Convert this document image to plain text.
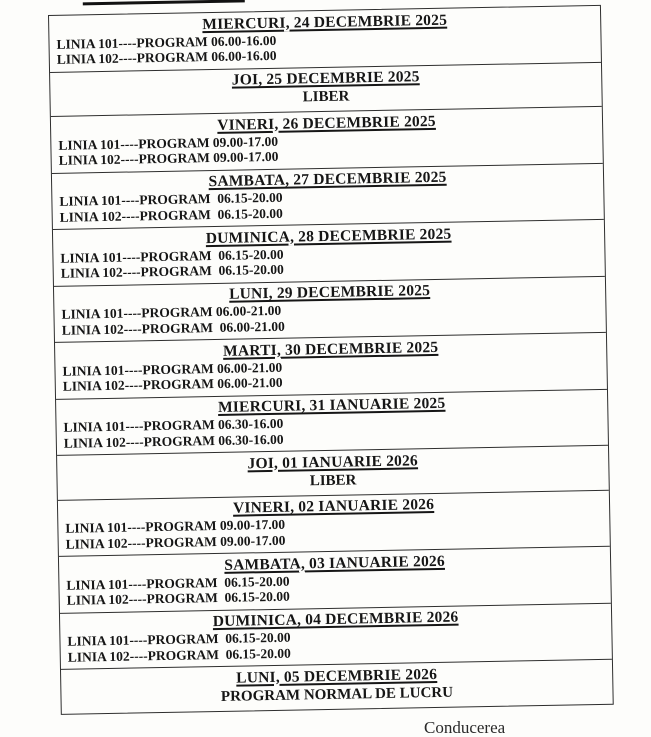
MIERCURI, 24 DECEMBRIE 2025
LINIA 101----PROGRAM 06.00-16.00
LINIA 102----PROGRAM 06.00-16.00
JOI, 25 DECEMBRIE 2025
LIBER
VINERI, 26 DECEMBRIE 2025
LINIA 101----PROGRAM 09.00-17.00
LINIA 102----PROGRAM 09.00-17.00
SAMBATA, 27 DECEMBRIE 2025
LINIA 101----PROGRAM  06.15-20.00
LINIA 102----PROGRAM  06.15-20.00
DUMINICA, 28 DECEMBRIE 2025
LINIA 101----PROGRAM  06.15-20.00
LINIA 102----PROGRAM  06.15-20.00
LUNI, 29 DECEMBRIE 2025
LINIA 101----PROGRAM 06.00-21.00
LINIA 102----PROGRAM  06.00-21.00
MARTI, 30 DECEMBRIE 2025
LINIA 101----PROGRAM 06.00-21.00
LINIA 102----PROGRAM 06.00-21.00
MIERCURI, 31 IANUARIE 2025
LINIA 101----PROGRAM 06.30-16.00
LINIA 102----PROGRAM 06.30-16.00
JOI, 01 IANUARIE 2026
LIBER
VINERI, 02 IANUARIE 2026
LINIA 101----PROGRAM 09.00-17.00
LINIA 102----PROGRAM 09.00-17.00
SAMBATA, 03 IANUARIE 2026
LINIA 101----PROGRAM  06.15-20.00
LINIA 102----PROGRAM  06.15-20.00
DUMINICA, 04 DECEMBRIE 2026
LINIA 101----PROGRAM  06.15-20.00
LINIA 102----PROGRAM  06.15-20.00
LUNI, 05 DECEMBRIE 2026
PROGRAM NORMAL DE LUCRU
Conducerea
